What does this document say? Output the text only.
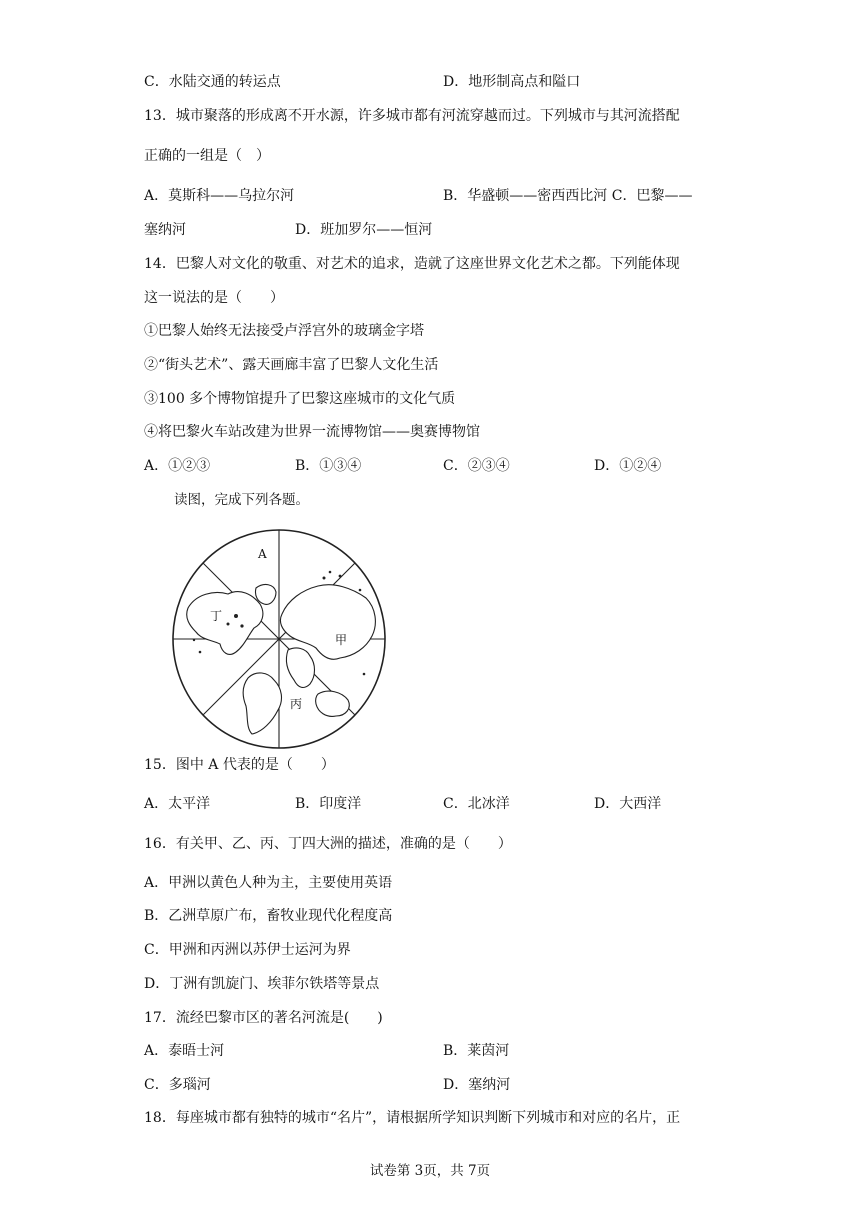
C．水陆交通的转运点	D．地形制高点和隘口
13．城市聚落的形成离不开水源，许多城市都有河流穿越而过。下列城市与其河流搭配
正确的一组是（　）
A．莫斯科——乌拉尔河	B．华盛顿——密西西比河 C．巴黎——
塞纳河	D．班加罗尔——恒河
14．巴黎人对文化的敬重、对艺术的追求，造就了这座世界文化艺术之都。下列能体现
这一说法的是（　　）
①巴黎人始终无法接受卢浮宫外的玻璃金字塔
②“街头艺术”、露天画廊丰富了巴黎人文化生活
③100 多个博物馆提升了巴黎这座城市的文化气质
④将巴黎火车站改建为世界一流博物馆——奥赛博物馆
A．①②③	B．①③④	C．②③④	D．①②④
读图，完成下列各题。
A
丁
甲
丙
15．图中 A 代表的是（　　）
A．太平洋	B．印度洋	C．北冰洋	D．大西洋
16．有关甲、乙、丙、丁四大洲的描述，准确的是（　　）
A．甲洲以黄色人种为主，主要使用英语
B．乙洲草原广布，畜牧业现代化程度高
C．甲洲和丙洲以苏伊士运河为界
D．丁洲有凯旋门、埃菲尔铁塔等景点
17．流经巴黎市区的著名河流是(　　)
A．泰晤士河	B．莱茵河
C．多瑙河	D．塞纳河
18．每座城市都有独特的城市“名片”，请根据所学知识判断下列城市和对应的名片，正
试卷第 3页，共 7页
